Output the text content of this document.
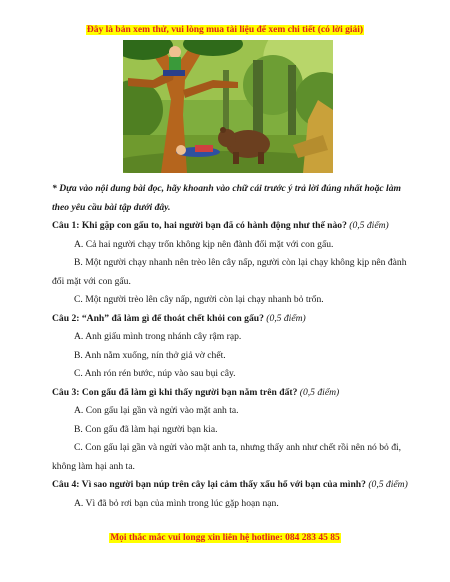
Đây là bản xem thử, vui lòng mua tài liệu để xem chi tiết (có lời giải)

* Dựa vào nội dung bài đọc, hãy khoanh vào chữ cái trước ý trả lời đúng nhất hoặc làm theo yêu cầu bài tập dưới đây.

Câu 1: Khi gặp con gấu to, hai người bạn đã có hành động như thế nào? (0,5 điểm)

A. Cả hai người chạy trốn không kịp nên đành đối mặt với con gấu.

B. Một người chạy nhanh nên trèo lên cây nấp, người còn lại chạy không kịp nên đành đối mặt với con gấu.

C. Một người trèo lên cây nấp, người còn lại chạy nhanh bỏ trốn.

Câu 2: “Anh” đã làm gì để thoát chết khỏi con gấu? (0,5 điểm)

A. Anh giấu mình trong nhánh cây rậm rạp.

B. Anh nằm xuống, nín thở giả vờ chết.

C. Anh rón rén bước, núp vào sau bụi cây.

Câu 3: Con gấu đã làm gì khi thấy người bạn nằm trên đất? (0,5 điểm)

A. Con gấu lại gần và ngửi vào mặt anh ta.

B. Con gấu đã làm hại người bạn kia.

C. Con gấu lại gần và ngửi vào mặt anh ta, nhưng thấy anh như chết rồi nên nó bỏ đi, không làm hại anh ta.

Câu 4: Vì sao người bạn núp trên cây lại cảm thấy xấu hổ với bạn của mình? (0,5 điểm)

A. Vì đã bỏ rơi bạn của mình trong lúc gặp hoạn nạn.

Mọi thắc mắc vui longg xin liên hệ hotline: 084 283 45 85
